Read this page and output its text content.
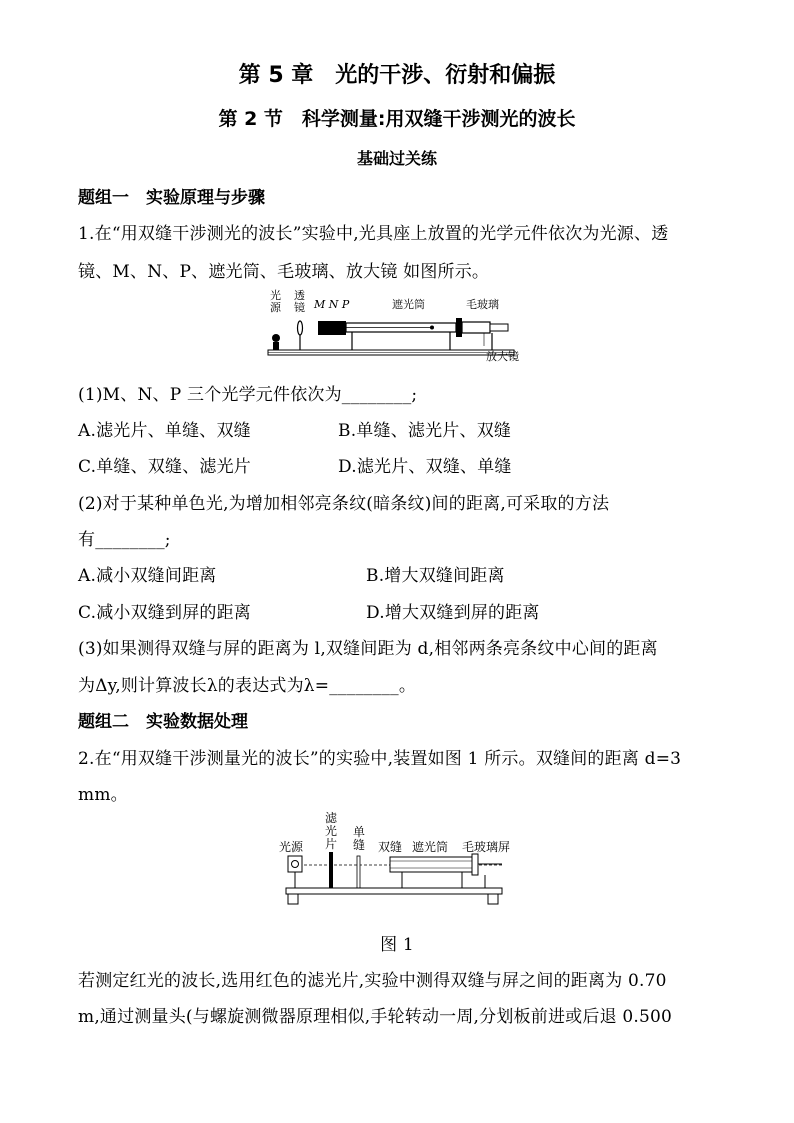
第 5 章　光的干涉、衍射和偏振
第 2 节　科学测量:用双缝干涉测光的波长
基础过关练
题组一　实验原理与步骤
1.在“用双缝干涉测光的波长”实验中,光具座上放置的光学元件依次为光源、透
镜、M、N、P、遮光筒、毛玻璃、放大镜 如图所示。
光源
透镜 M N P	遮光筒	毛玻璃
放大镜
(1)M、N、P 三个光学元件依次为________;
A.滤光片、单缝、双缝	B.单缝、滤光片、双缝
C.单缝、双缝、滤光片	D.滤光片、双缝、单缝
(2)对于某种单色光,为增加相邻亮条纹(暗条纹)间的距离,可采取的方法
有________;
A.减小双缝间距离	B.增大双缝间距离
C.减小双缝到屏的距离	D.增大双缝到屏的距离
(3)如果测得双缝与屏的距离为 l,双缝间距为 d,相邻两条亮条纹中心间的距离
为Δy,则计算波长λ的表达式为λ=________。
题组二　实验数据处理
2.在“用双缝干涉测量光的波长”的实验中,装置如图 1 所示。双缝间的距离 d=3
mm。
光源
滤光片
单缝 双缝 遮光筒 毛玻璃屏
图 1
若测定红光的波长,选用红色的滤光片,实验中测得双缝与屏之间的距离为 0.70
m,通过测量头(与螺旋测微器原理相似,手轮转动一周,分划板前进或后退 0.500
